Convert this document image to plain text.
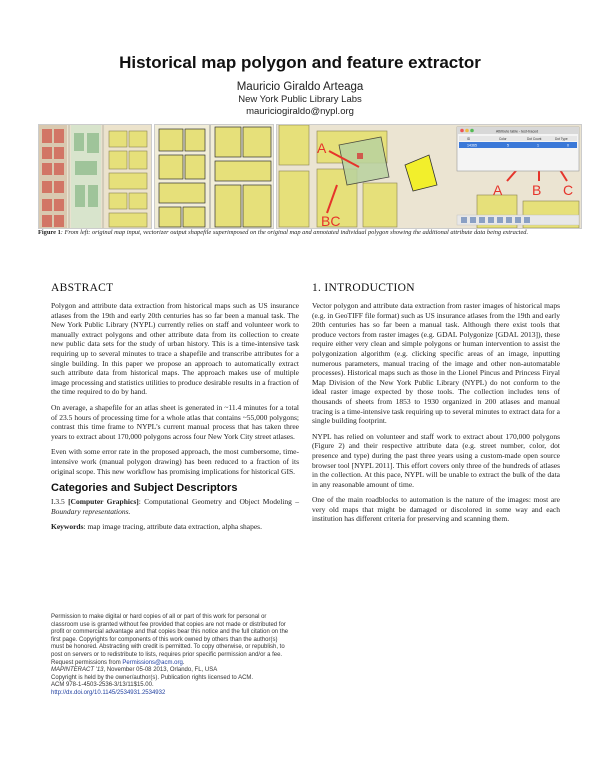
Historical map polygon and feature extractor
Mauricio Giraldo Arteaga
New York Public Library Labs
mauriciogiraldo@nypl.org
A
BC
A B C
Attribute table - test-traced
ID	Color	Dot Count	Dot Type
14365	5	1	0
Figure 1: From left: original map input, vectorizer output shapefile superimposed on the original map and annotated individual polygon showing the additional attribute data being extracted.
ABSTRACT

Polygon and attribute data extraction from historical maps such as US insurance atlases from the 19th and early 20th centuries has so far been a manual task. The New York Public Library (NYPL) currently relies on staff and volunteer work to manually extract polygons and other attribute data from its collection to create new public data sets for the study of urban history. This is a time-intensive task requiring up to several minutes to trace a shapefile and transcribe attributes for a single building. In this paper we propose an approach to automatically extract such attribute data from historical maps. The approach makes use of multiple image processing and statistics utilities to produce desirable results in a fraction of the time required to do by hand.

On average, a shapefile for an atlas sheet is generated in ~11.4 minutes for a total of 23.5 hours of processing time for a whole atlas that contains ~55,000 polygons; contrast this time frame to NYPL's current manual process that has taken three years to extract about 170,000 polygons across four New York City street atlases.

Even with some error rate in the proposed approach, the most cumbersome, time-intensive work (manual polygon drawing) has been reduced to a fraction of its original scope. This new workflow has promising implications for historical GIS.

Categories and Subject Descriptors

I.3.5 [Computer Graphics]: Computational Geometry and Object Modeling – Boundary representations.

Keywords: map image tracing, attribute data extraction, alpha shapes.

Permission to make digital or hard copies of all or part of this work for personal or classroom use is granted without fee provided that copies are not made or distributed for profit or commercial advantage and that copies bear this notice and the full citation on the first page. Copyrights for components of this work owned by others than the author(s) must be honored. Abstracting with credit is permitted. To copy otherwise, or republish, to post on servers or to redistribute to lists, requires prior specific permission and/or a fee. Request permissions from Permissions@acm.org.
MAPINTERACT '13, November 05-08 2013, Orlando, FL, USA
Copyright is held by the owner/author(s). Publication rights licensed to ACM.
ACM 978-1-4503-2536-3/13/11$15.00.
http://dx.doi.org/10.1145/2534931.2534932
1. INTRODUCTION

Vector polygon and attribute data extraction from raster images of historical maps (e.g. in GeoTIFF file format) such as US insurance atlases from the 19th and early 20th centuries has so far been a manual task. Although there exist tools that produce vectors from raster images (e.g. GDAL Polygonize [GDAL 2013]), these require either very clean and simple polygons or human intervention to assist the polygonization algorithm (e.g. clicking specific areas of an image, inputting numerous parameters, manual tracing of the image and other non-automatable processes). Historical maps such as those in the Lionel Pincus and Princess Firyal Map Division of the New York Public Library (NYPL) do not conform to the ideal raster image expected by those tools. The collection includes tens of thousands of sheets from 1853 to 1930 organized in 200 atlases and manual tracing is a time-intensive task requiring up to several minutes to extract data for a single building footprint.

NYPL has relied on volunteer and staff work to extract about 170,000 polygons (Figure 2) and their respective attribute data (e.g. street number, color, dot presence and type) during the past three years using a custom-made open source browser tool [NYPL 2011]. This effort covers only three of the hundreds of atlases in the collection. At this pace, NYPL will be unable to extract the bulk of the data in any reasonable amount of time.

One of the main roadblocks to automation is the nature of the images: most are very old maps that might be damaged or discolored in some way and each institution has different criteria for preserving and scanning them.
